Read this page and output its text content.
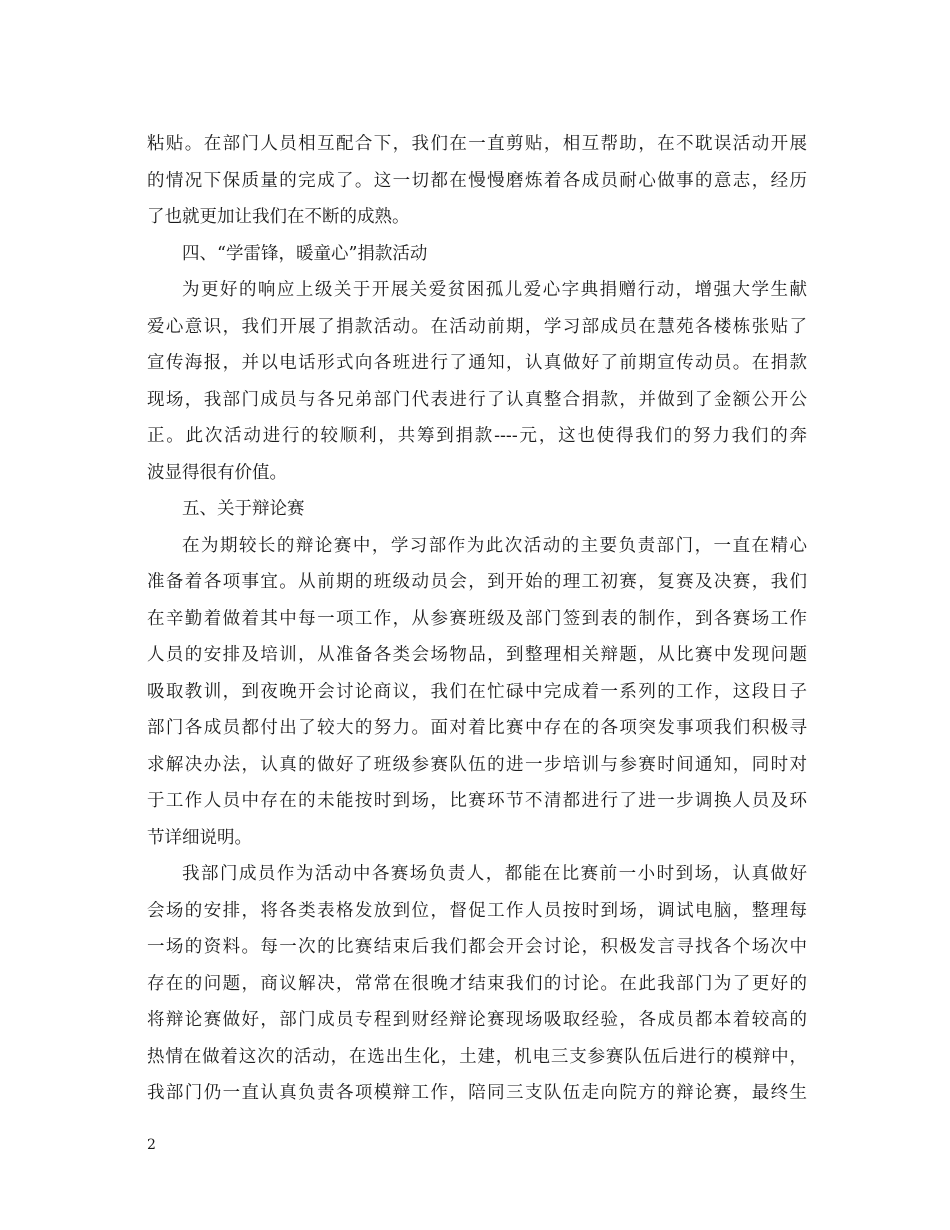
粘贴。在部门人员相互配合下，我们在一直剪贴，相互帮助，在不耽误活动开展
的情况下保质量的完成了。这一切都在慢慢磨炼着各成员耐心做事的意志，经历
了也就更加让我们在不断的成熟。
四、“学雷锋，暖童心”捐款活动
为更好的响应上级关于开展关爱贫困孤儿爱心字典捐赠行动，增强大学生献
爱心意识，我们开展了捐款活动。在活动前期，学习部成员在慧苑各楼栋张贴了
宣传海报，并以电话形式向各班进行了通知，认真做好了前期宣传动员。在捐款
现场，我部门成员与各兄弟部门代表进行了认真整合捐款，并做到了金额公开公
正。此次活动进行的较顺利，共筹到捐款----元，这也使得我们的努力我们的奔
波显得很有价值。
五、关于辩论赛
在为期较长的辩论赛中，学习部作为此次活动的主要负责部门，一直在精心
准备着各项事宜。从前期的班级动员会，到开始的理工初赛，复赛及决赛，我们
在辛勤着做着其中每一项工作，从参赛班级及部门签到表的制作，到各赛场工作
人员的安排及培训，从准备各类会场物品，到整理相关辩题，从比赛中发现问题
吸取教训，到夜晚开会讨论商议，我们在忙碌中完成着一系列的工作，这段日子
部门各成员都付出了较大的努力。面对着比赛中存在的各项突发事项我们积极寻
求解决办法，认真的做好了班级参赛队伍的进一步培训与参赛时间通知，同时对
于工作人员中存在的未能按时到场，比赛环节不清都进行了进一步调换人员及环
节详细说明。
我部门成员作为活动中各赛场负责人，都能在比赛前一小时到场，认真做好
会场的安排，将各类表格发放到位，督促工作人员按时到场，调试电脑，整理每
一场的资料。每一次的比赛结束后我们都会开会讨论，积极发言寻找各个场次中
存在的问题，商议解决，常常在很晚才结束我们的讨论。在此我部门为了更好的
将辩论赛做好，部门成员专程到财经辩论赛现场吸取经验，各成员都本着较高的
热情在做着这次的活动，在选出生化，土建，机电三支参赛队伍后进行的模辩中，
我部门仍一直认真负责各项模辩工作，陪同三支队伍走向院方的辩论赛，最终生
2
